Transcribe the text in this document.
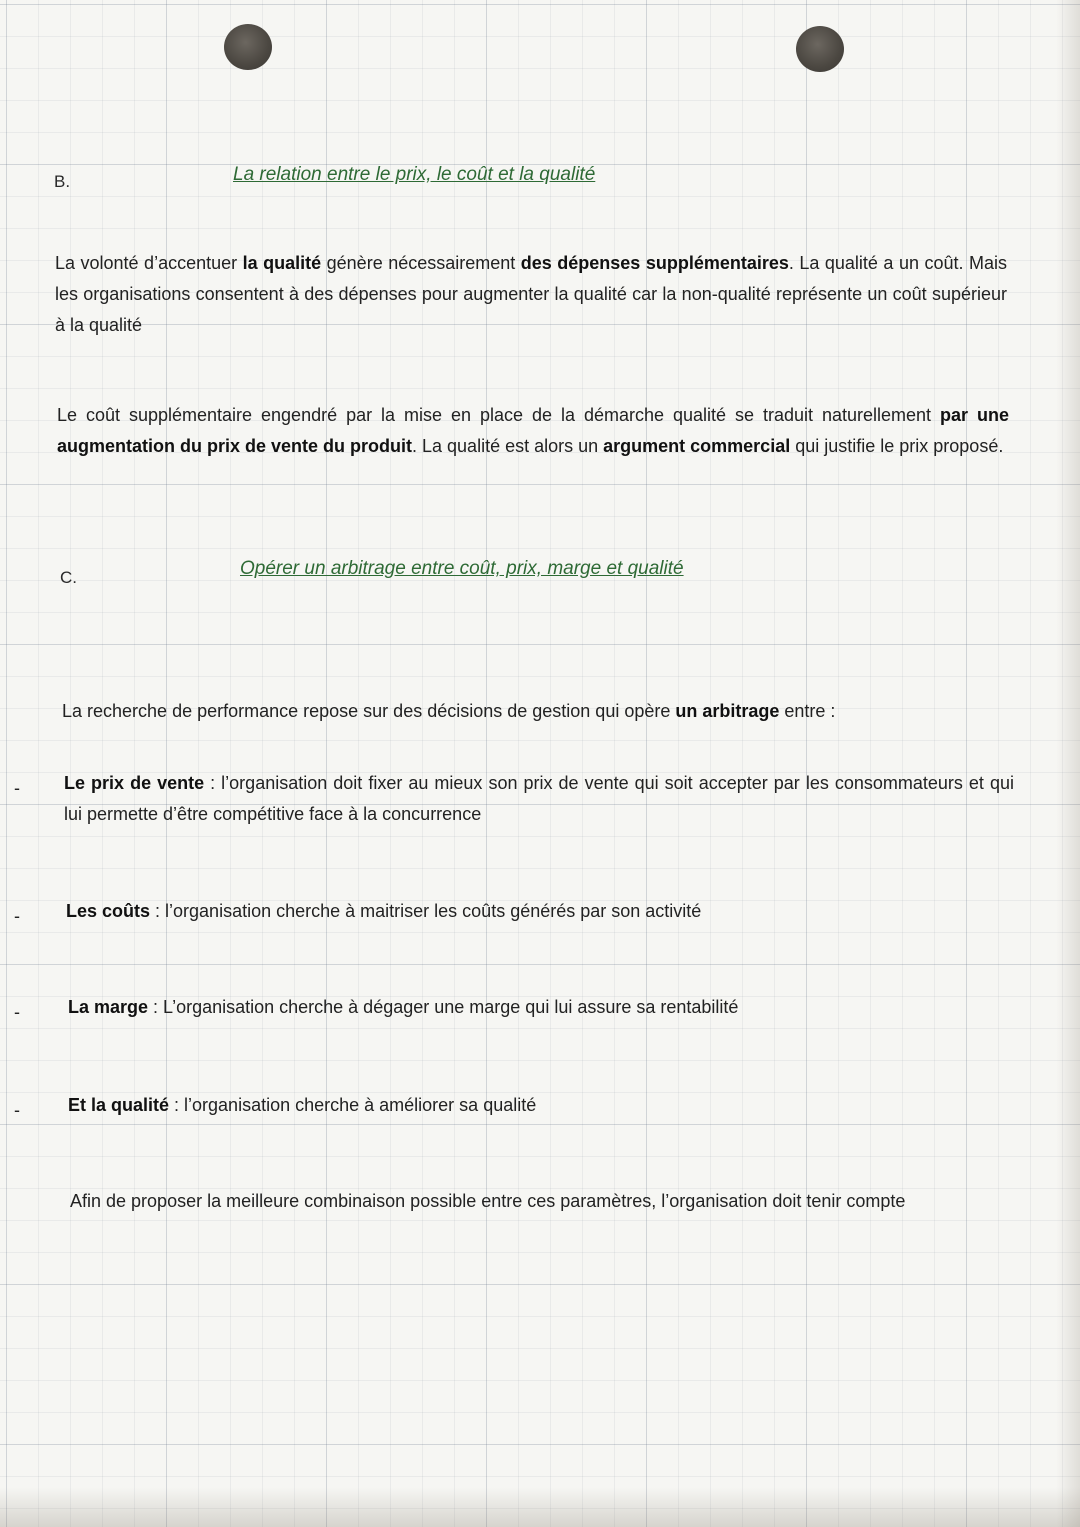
B.	La relation entre le prix, le coût et la qualité
La volonté d’accentuer la qualité génère nécessairement des dépenses supplémentaires. La qualité a un coût. Mais les organisations consentent à des dépenses pour augmenter la qualité car la non-qualité représente un coût supérieur à la qualité
Le coût supplémentaire engendré par la mise en place de la démarche qualité se traduit naturellement par une augmentation du prix de vente du produit. La qualité est alors un argument commercial qui justifie le prix proposé.
C.	Opérer un arbitrage entre coût, prix, marge et qualité
La recherche de performance repose sur des décisions de gestion qui opère un arbitrage entre :
- Le prix de vente : l’organisation doit fixer au mieux son prix de vente qui soit accepter par les consommateurs et qui lui permette d’être compétitive face à la concurrence
-	Les coûts : l’organisation cherche à maitriser les coûts générés par son activité
-	La marge : L’organisation cherche à dégager une marge qui lui assure sa rentabilité
-	Et la qualité : l’organisation cherche à améliorer sa qualité
Afin de proposer la meilleure combinaison possible entre ces paramètres, l’organisation doit tenir compte
